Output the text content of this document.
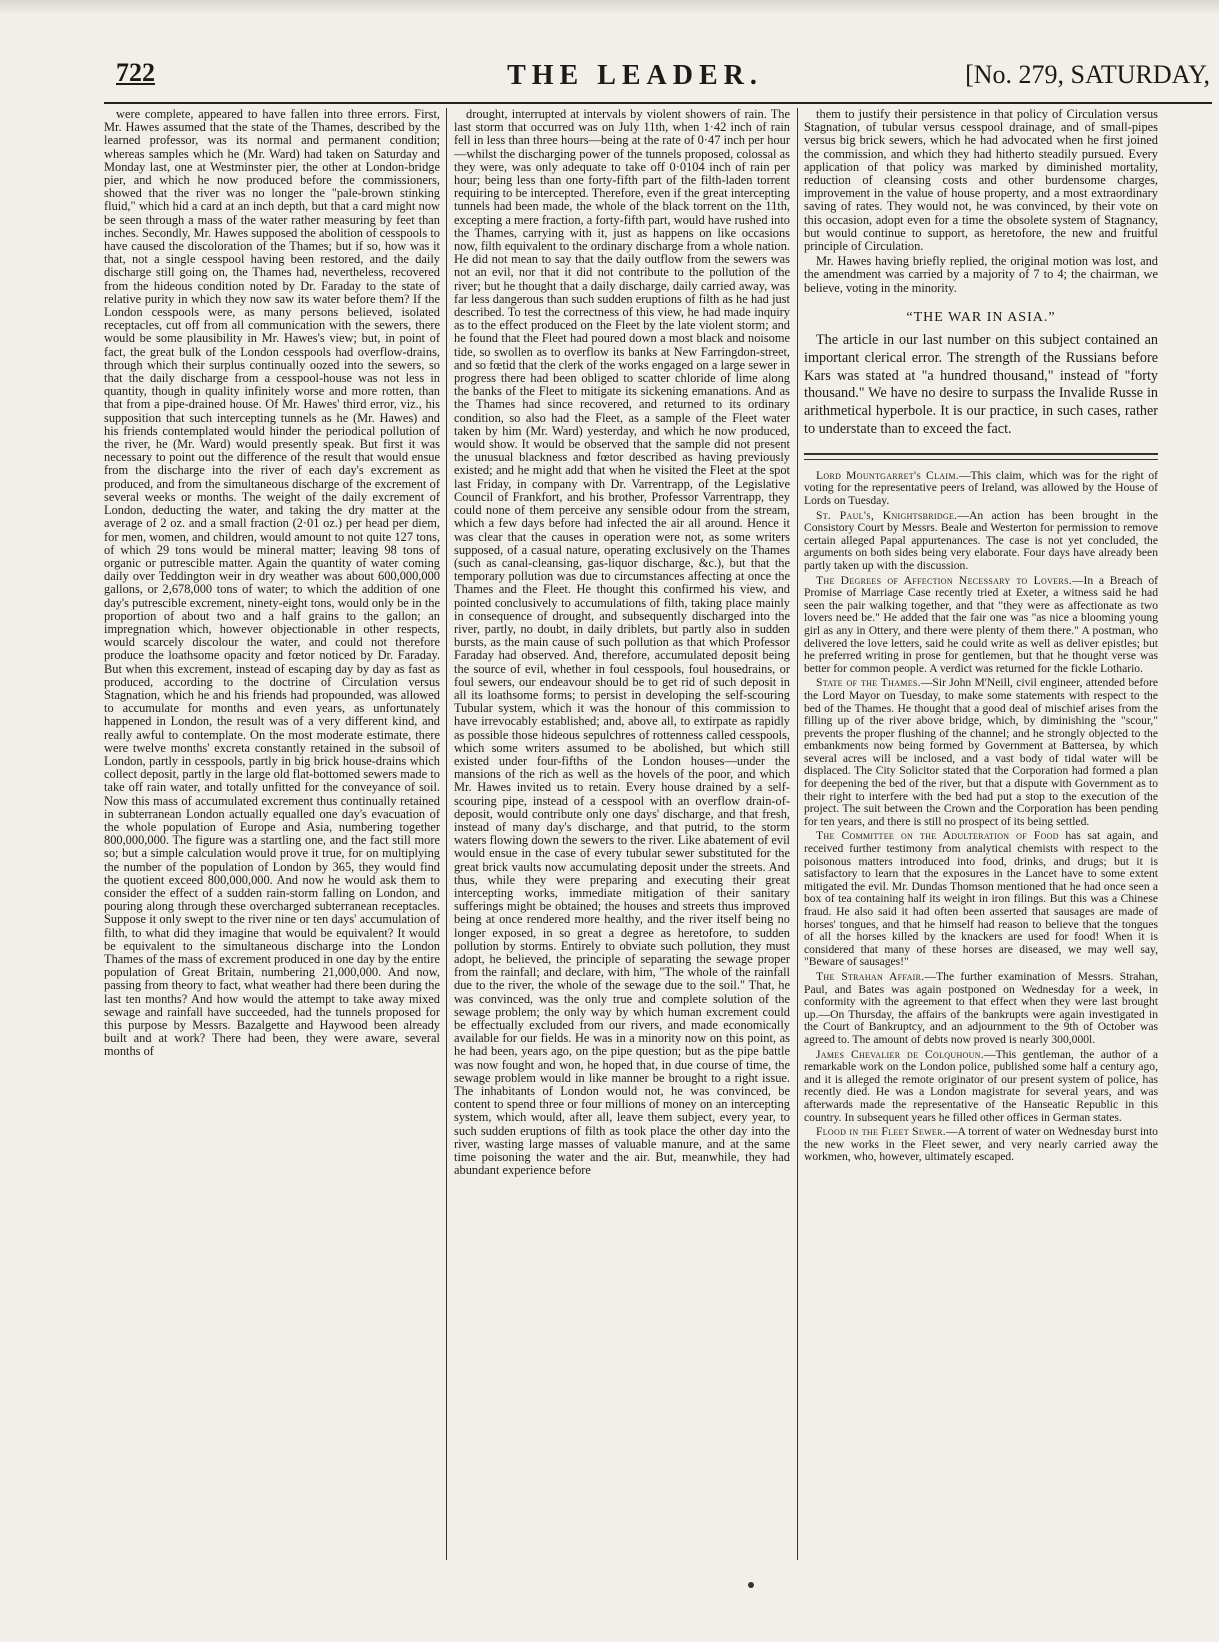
722	THE LEADER.	[No. 279, SATURDAY,

were complete, appeared to have fallen into three errors. First, Mr. Hawes assumed that the state of the Thames, described by the learned professor, was its normal and permanent condition; whereas samples which he (Mr. Ward) had taken on Saturday and Monday last, one at Westminster pier, the other at London-bridge pier, and which he now produced before the commissioners, showed that the river was no longer the "pale-brown stinking fluid," which hid a card at an inch depth, but that a card might now be seen through a mass of the water rather measuring by feet than inches. Secondly, Mr. Hawes supposed the abolition of cesspools to have caused the discoloration of the Thames; but if so, how was it that, not a single cesspool having been restored, and the daily discharge still going on, the Thames had, nevertheless, recovered from the hideous condition noted by Dr. Faraday to the state of relative purity in which they now saw its water before them? If the London cesspools were, as many persons believed, isolated receptacles, cut off from all communication with the sewers, there would be some plausibility in Mr. Hawes's view; but, in point of fact, the great bulk of the London cesspools had overflow-drains, through which their surplus continually oozed into the sewers, so that the daily discharge from a cesspool-house was not less in quantity, though in quality infinitely worse and more rotten, than that from a pipe-drained house. Of Mr. Hawes' third error, viz., his supposition that such intercepting tunnels as he (Mr. Hawes) and his friends contemplated would hinder the periodical pollution of the river, he (Mr. Ward) would presently speak. But first it was necessary to point out the difference of the result that would ensue from the discharge into the river of each day's excrement as produced, and from the simultaneous discharge of the excrement of several weeks or months. The weight of the daily excrement of London, deducting the water, and taking the dry matter at the average of 2 oz. and a small fraction (2·01 oz.) per head per diem, for men, women, and children, would amount to not quite 127 tons, of which 29 tons would be mineral matter; leaving 98 tons of organic or putrescible matter. Again the quantity of water coming daily over Teddington weir in dry weather was about 600,000,000 gallons, or 2,678,000 tons of water; to which the addition of one day's putrescible excrement, ninety-eight tons, would only be in the proportion of about two and a half grains to the gallon; an impregnation which, however objectionable in other respects, would scarcely discolour the water, and could not therefore produce the loathsome opacity and fœtor noticed by Dr. Faraday. But when this excrement, instead of escaping day by day as fast as produced, according to the doctrine of Circulation versus Stagnation, which he and his friends had propounded, was allowed to accumulate for months and even years, as unfortunately happened in London, the result was of a very different kind, and really awful to contemplate. On the most moderate estimate, there were twelve months' excreta constantly retained in the subsoil of London, partly in cesspools, partly in big brick house-drains which collect deposit, partly in the large old flat-bottomed sewers made to take off rain water, and totally unfitted for the conveyance of soil. Now this mass of accumulated excrement thus continually retained in subterranean London actually equalled one day's evacuation of the whole population of Europe and Asia, numbering together 800,000,000. The figure was a startling one, and the fact still more so; but a simple calculation would prove it true, for on multiplying the number of the population of London by 365, they would find the quotient exceed 800,000,000. And now he would ask them to consider the effect of a sudden rain-storm falling on London, and pouring along through these overcharged subterranean receptacles. Suppose it only swept to the river nine or ten days' accumulation of filth, to what did they imagine that would be equivalent? It would be equivalent to the simultaneous discharge into the London Thames of the mass of excrement produced in one day by the entire population of Great Britain, numbering 21,000,000. And now, passing from theory to fact, what weather had there been during the last ten months? And how would the attempt to take away mixed sewage and rainfall have succeeded, had the tunnels proposed for this purpose by Messrs. Bazalgette and Haywood been already built and at work? There had been, they were aware, several months of

drought, interrupted at intervals by violent showers of rain. The last storm that occurred was on July 11th, when 1·42 inch of rain fell in less than three hours—being at the rate of 0·47 inch per hour—whilst the discharging power of the tunnels proposed, colossal as they were, was only adequate to take off 0·0104 inch of rain per hour; being less than one forty-fifth part of the filth-laden torrent requiring to be intercepted. Therefore, even if the great intercepting tunnels had been made, the whole of the black torrent on the 11th, excepting a mere fraction, a forty-fifth part, would have rushed into the Thames, carrying with it, just as happens on like occasions now, filth equivalent to the ordinary discharge from a whole nation. He did not mean to say that the daily outflow from the sewers was not an evil, nor that it did not contribute to the pollution of the river; but he thought that a daily discharge, daily carried away, was far less dangerous than such sudden eruptions of filth as he had just described. To test the correctness of this view, he had made inquiry as to the effect produced on the Fleet by the late violent storm; and he found that the Fleet had poured down a most black and noisome tide, so swollen as to overflow its banks at New Farringdon-street, and so fœtid that the clerk of the works engaged on a large sewer in progress there had been obliged to scatter chloride of lime along the banks of the Fleet to mitigate its sickening emanations. And as the Thames had since recovered, and returned to its ordinary condition, so also had the Fleet, as a sample of the Fleet water taken by him (Mr. Ward) yesterday, and which he now produced, would show. It would be observed that the sample did not present the unusual blackness and fœtor described as having previously existed; and he might add that when he visited the Fleet at the spot last Friday, in company with Dr. Varrentrapp, of the Legislative Council of Frankfort, and his brother, Professor Varrentrapp, they could none of them perceive any sensible odour from the stream, which a few days before had infected the air all around. Hence it was clear that the causes in operation were not, as some writers supposed, of a casual nature, operating exclusively on the Thames (such as canal-cleansing, gas-liquor discharge, &c.), but that the temporary pollution was due to circumstances affecting at once the Thames and the Fleet. He thought this confirmed his view, and pointed conclusively to accumulations of filth, taking place mainly in consequence of drought, and subsequently discharged into the river, partly, no doubt, in daily driblets, but partly also in sudden bursts, as the main cause of such pollution as that which Professor Faraday had observed. And, therefore, accumulated deposit being the source of evil, whether in foul cesspools, foul housedrains, or foul sewers, our endeavour should be to get rid of such deposit in all its loathsome forms; to persist in developing the self-scouring Tubular system, which it was the honour of this commission to have irrevocably established; and, above all, to extirpate as rapidly as possible those hideous sepulchres of rottenness called cesspools, which some writers assumed to be abolished, but which still existed under four-fifths of the London houses—under the mansions of the rich as well as the hovels of the poor, and which Mr. Hawes invited us to retain. Every house drained by a self-scouring pipe, instead of a cesspool with an overflow drain-of-deposit, would contribute only one days' discharge, and that fresh, instead of many day's discharge, and that putrid, to the storm waters flowing down the sewers to the river. Like abatement of evil would ensue in the case of every tubular sewer substituted for the great brick vaults now accumulating deposit under the streets. And thus, while they were preparing and executing their great intercepting works, immediate mitigation of their sanitary sufferings might be obtained; the houses and streets thus improved being at once rendered more healthy, and the river itself being no longer exposed, in so great a degree as heretofore, to sudden pollution by storms. Entirely to obviate such pollution, they must adopt, he believed, the principle of separating the sewage proper from the rainfall; and declare, with him, "The whole of the rainfall due to the river, the whole of the sewage due to the soil." That, he was convinced, was the only true and complete solution of the sewage problem; the only way by which human excrement could be effectually excluded from our rivers, and made economically available for our fields. He was in a minority now on this point, as he had been, years ago, on the pipe question; but as the pipe battle was now fought and won, he hoped that, in due course of time, the sewage problem would in like manner be brought to a right issue. The inhabitants of London would not, he was convinced, be content to spend three or four millions of money on an intercepting system, which would, after all, leave them subject, every year, to such sudden eruptions of filth as took place the other day into the river, wasting large masses of valuable manure, and at the same time poisoning the water and the air. But, meanwhile, they had abundant experience before

them to justify their persistence in that policy of Circulation versus Stagnation, of tubular versus cesspool drainage, and of small-pipes versus big brick sewers, which he had advocated when he first joined the commission, and which they had hitherto steadily pursued. Every application of that policy was marked by diminished mortality, reduction of cleansing costs and other burdensome charges, improvement in the value of house property, and a most extraordinary saving of rates. They would not, he was convinced, by their vote on this occasion, adopt even for a time the obsolete system of Stagnancy, but would continue to support, as heretofore, the new and fruitful principle of Circulation.

Mr. Hawes having briefly replied, the original motion was lost, and the amendment was carried by a majority of 7 to 4; the chairman, we believe, voting in the minority.

“THE WAR IN ASIA.”

The article in our last number on this subject contained an important clerical error. The strength of the Russians before Kars was stated at "a hundred thousand," instead of "forty thousand." We have no desire to surpass the Invalide Russe in arithmetical hyperbole. It is our practice, in such cases, rather to understate than to exceed the fact.

Lord Mountgarret's Claim.—This claim, which was for the right of voting for the representative peers of Ireland, was allowed by the House of Lords on Tuesday.

St. Paul's, Knightsbridge.—An action has been brought in the Consistory Court by Messrs. Beale and Westerton for permission to remove certain alleged Papal appurtenances. The case is not yet concluded, the arguments on both sides being very elaborate. Four days have already been partly taken up with the discussion.

The Degrees of Affection Necessary to Lovers.—In a Breach of Promise of Marriage Case recently tried at Exeter, a witness said he had seen the pair walking together, and that "they were as affectionate as two lovers need be." He added that the fair one was "as nice a blooming young girl as any in Ottery, and there were plenty of them there." A postman, who delivered the love letters, said he could write as well as deliver epistles; but he preferred writing in prose for gentlemen, but that he thought verse was better for common people. A verdict was returned for the fickle Lothario.

State of the Thames.—Sir John M'Neill, civil engineer, attended before the Lord Mayor on Tuesday, to make some statements with respect to the bed of the Thames. He thought that a good deal of mischief arises from the filling up of the river above bridge, which, by diminishing the "scour," prevents the proper flushing of the channel; and he strongly objected to the embankments now being formed by Government at Battersea, by which several acres will be inclosed, and a vast body of tidal water will be displaced. The City Solicitor stated that the Corporation had formed a plan for deepening the bed of the river, but that a dispute with Government as to their right to interfere with the bed had put a stop to the execution of the project. The suit between the Crown and the Corporation has been pending for ten years, and there is still no prospect of its being settled.

The Committee on the Adulteration of Food has sat again, and received further testimony from analytical chemists with respect to the poisonous matters introduced into food, drinks, and drugs; but it is satisfactory to learn that the exposures in the Lancet have to some extent mitigated the evil. Mr. Dundas Thomson mentioned that he had once seen a box of tea containing half its weight in iron filings. But this was a Chinese fraud. He also said it had often been asserted that sausages are made of horses' tongues, and that he himself had reason to believe that the tongues of all the horses killed by the knackers are used for food! When it is considered that many of these horses are diseased, we may well say, "Beware of sausages!"

The Strahan Affair.—The further examination of Messrs. Strahan, Paul, and Bates was again postponed on Wednesday for a week, in conformity with the agreement to that effect when they were last brought up.—On Thursday, the affairs of the bankrupts were again investigated in the Court of Bankruptcy, and an adjournment to the 9th of October was agreed to. The amount of debts now proved is nearly 300,000l.

James Chevalier de Colquhoun.—This gentleman, the author of a remarkable work on the London police, published some half a century ago, and it is alleged the remote originator of our present system of police, has recently died. He was a London magistrate for several years, and was afterwards made the representative of the Hanseatic Republic in this country. In subsequent years he filled other offices in German states.

Flood in the Fleet Sewer.—A torrent of water on Wednesday burst into the new works in the Fleet sewer, and very nearly carried away the workmen, who, however, ultimately escaped.
